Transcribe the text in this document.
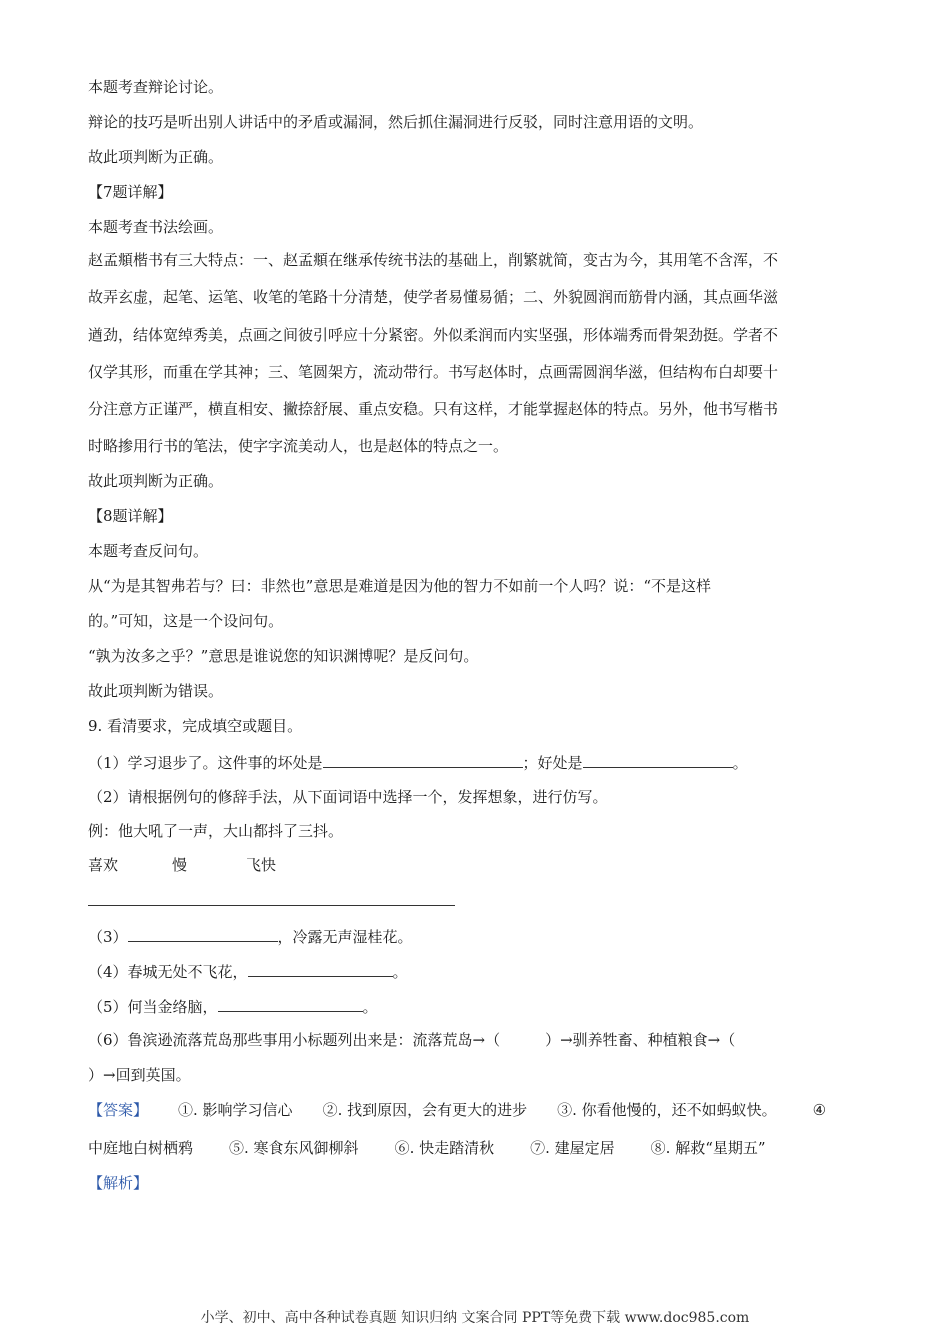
本题考查辩论讨论。
辩论的技巧是听出别人讲话中的矛盾或漏洞，然后抓住漏洞进行反驳，同时注意用语的文明。
故此项判断为正确。
【7题详解】
本题考查书法绘画。
赵孟頫楷书有三大特点：一、赵孟頫在继承传统书法的基础上，削繁就简，变古为今，其用笔不含浑，不
故弄玄虚，起笔、运笔、收笔的笔路十分清楚，使学者易懂易循；二、外貌圆润而筋骨内涵，其点画华滋
遒劲，结体宽绰秀美，点画之间彼引呼应十分紧密。外似柔润而内实坚强，形体端秀而骨架劲挺。学者不
仅学其形，而重在学其神；三、笔圆架方，流动带行。书写赵体时，点画需圆润华滋，但结构布白却要十
分注意方正谨严，横直相安、撇捺舒展、重点安稳。只有这样，才能掌握赵体的特点。另外，他书写楷书
时略掺用行书的笔法，使字字流美动人，也是赵体的特点之一。
故此项判断为正确。
【8题详解】
本题考查反问句。
从“为是其智弗若与？曰：非然也”意思是难道是因为他的智力不如前一个人吗？说：“不是这样
的。”可知，这是一个设问句。
“孰为汝多之乎？”意思是谁说您的知识渊博呢？是反问句。
故此项判断为错误。
9. 看清要求，完成填空或题目。
（1）学习退步了。这件事的坏处是	；好处是	。
（2）请根据例句的修辞手法，从下面词语中选择一个，发挥想象，进行仿写。
例：他大吼了一声，大山都抖了三抖。
喜欢	慢	飞快
（3）	，冷露无声湿桂花。
（4）春城无处不飞花，	。
（5）何当金络脑，	。
（6）鲁滨逊流落荒岛那些事用小标题列出来是：流落荒岛→（　　　）→驯养牲畜、种植粮食→（
）→回到英国。
【答案】 ①. 影响学习信心 ②. 找到原因，会有更大的进步 ③. 你看他慢的，还不如蚂蚁快。 ④
中庭地白树栖鸦 ⑤. 寒食东风御柳斜 ⑥. 快走踏清秋 ⑦. 建屋定居 ⑧. 解救“星期五”
【解析】
小学、初中、高中各种试卷真题 知识归纳 文案合同 PPT等免费下载 www.doc985.com
